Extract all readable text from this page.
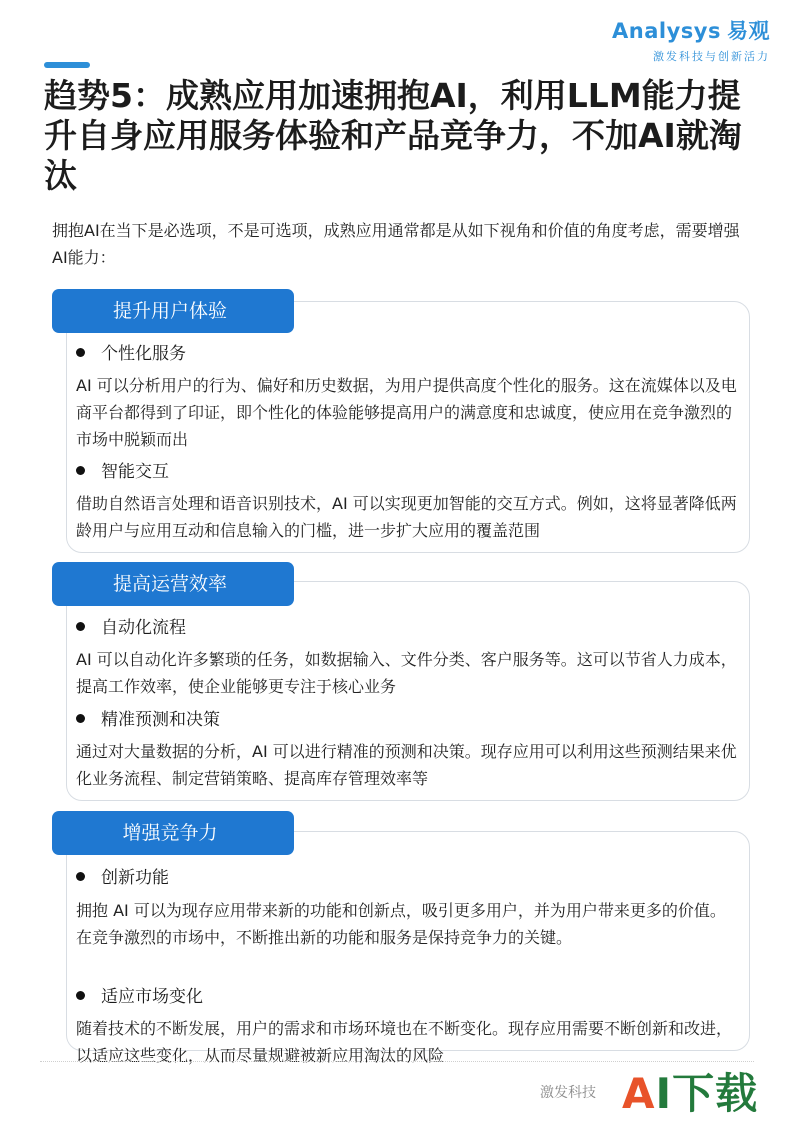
Analysys 易观
激发科技与创新活力
趋势5：成熟应用加速拥抱AI，利用LLM能力提升自身应用服务体验和产品竞争力，不加AI就淘汰

拥抱AI在当下是必选项，不是可选项，成熟应用通常都是从如下视角和价值的角度考虑，需要增强AI能力：

提升用户体验
个性化服务

AI 可以分析用户的行为、偏好和历史数据，为用户提供高度个性化的服务。这在流媒体以及电商平台都得到了印证，即个性化的体验能够提高用户的满意度和忠诚度，使应用在竞争激烈的市场中脱颖而出

智能交互

借助自然语言处理和语音识别技术，AI 可以实现更加智能的交互方式。例如，这将显著降低两龄用户与应用互动和信息输入的门槛，进一步扩大应用的覆盖范围

提高运营效率
自动化流程

AI 可以自动化许多繁琐的任务，如数据输入、文件分类、客户服务等。这可以节省人力成本，提高工作效率，使企业能够更专注于核心业务

精准预测和决策

通过对大量数据的分析，AI 可以进行精准的预测和决策。现存应用可以利用这些预测结果来优化业务流程、制定营销策略、提高库存管理效率等

增强竞争力
创新功能

拥抱 AI 可以为现存应用带来新的功能和创新点，吸引更多用户，并为用户带来更多的价值。在竞争激烈的市场中，不断推出新的功能和服务是保持竞争力的关键。

适应市场变化

随着技术的不断发展，用户的需求和市场环境也在不断变化。现存应用需要不断创新和改进，以适应这些变化，从而尽量规避被新应用淘汰的风险

激发科技 AI下载
